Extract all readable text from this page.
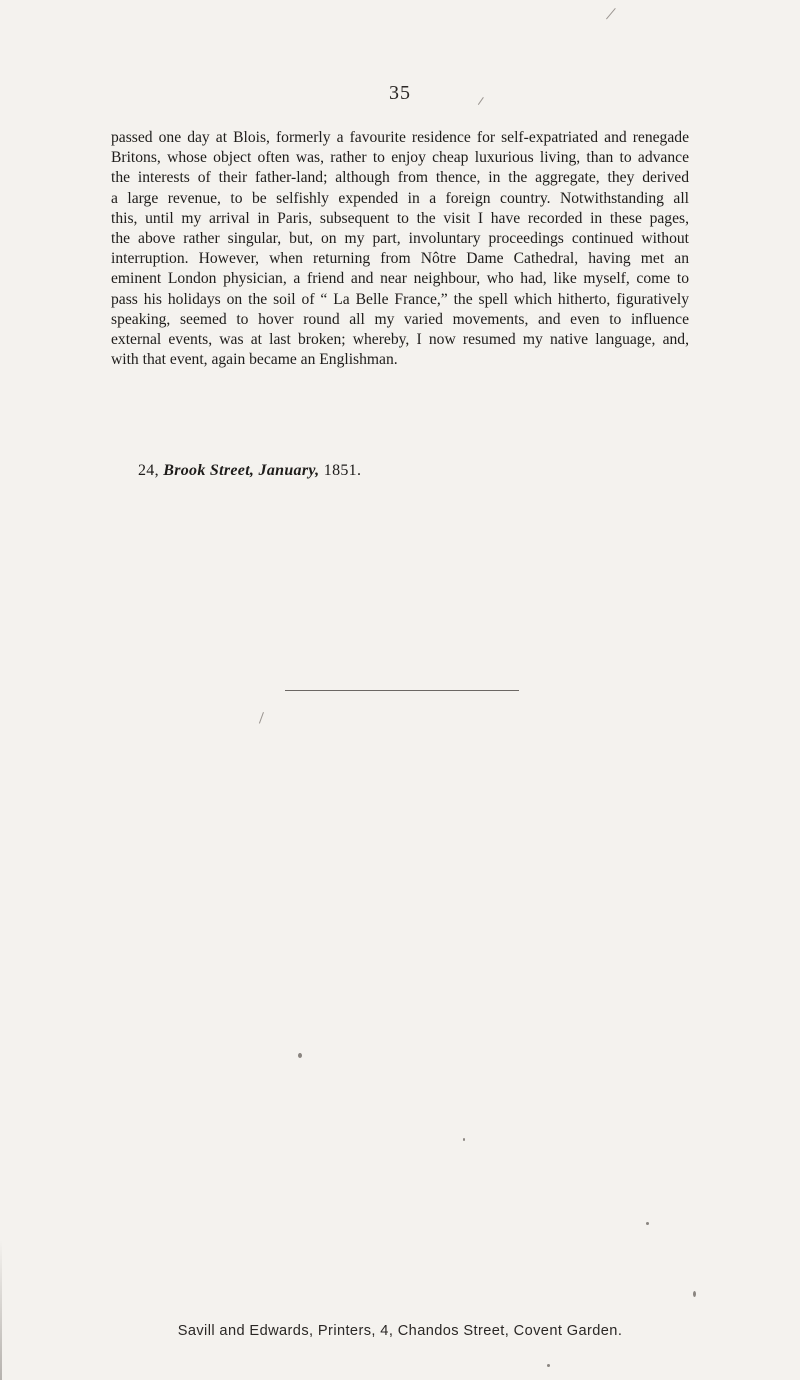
35
passed one day at Blois, formerly a favourite residence for self-expatriated and renegade
Britons, whose object often was, rather to enjoy cheap luxurious living, than to advance
the interests of their father-land; although from thence, in the aggregate, they derived
a large revenue, to be selfishly expended in a foreign country. Notwithstanding all
this, until my arrival in Paris, subsequent to the visit I have recorded in these pages,
the above rather singular, but, on my part, involuntary proceedings continued without
interruption. However, when returning from Nôtre Dame Cathedral, having met an
eminent London physician, a friend and near neighbour, who had, like myself, come to
pass his holidays on the soil of “ La Belle France,” the spell which hitherto, figuratively
speaking, seemed to hover round all my varied movements, and even to influence
external events, was at last broken; whereby, I now resumed my native language, and,
with that event, again became an Englishman.

24, Brook Street, January, 1851.

Savill and Edwards, Printers, 4, Chandos Street, Covent Garden.
